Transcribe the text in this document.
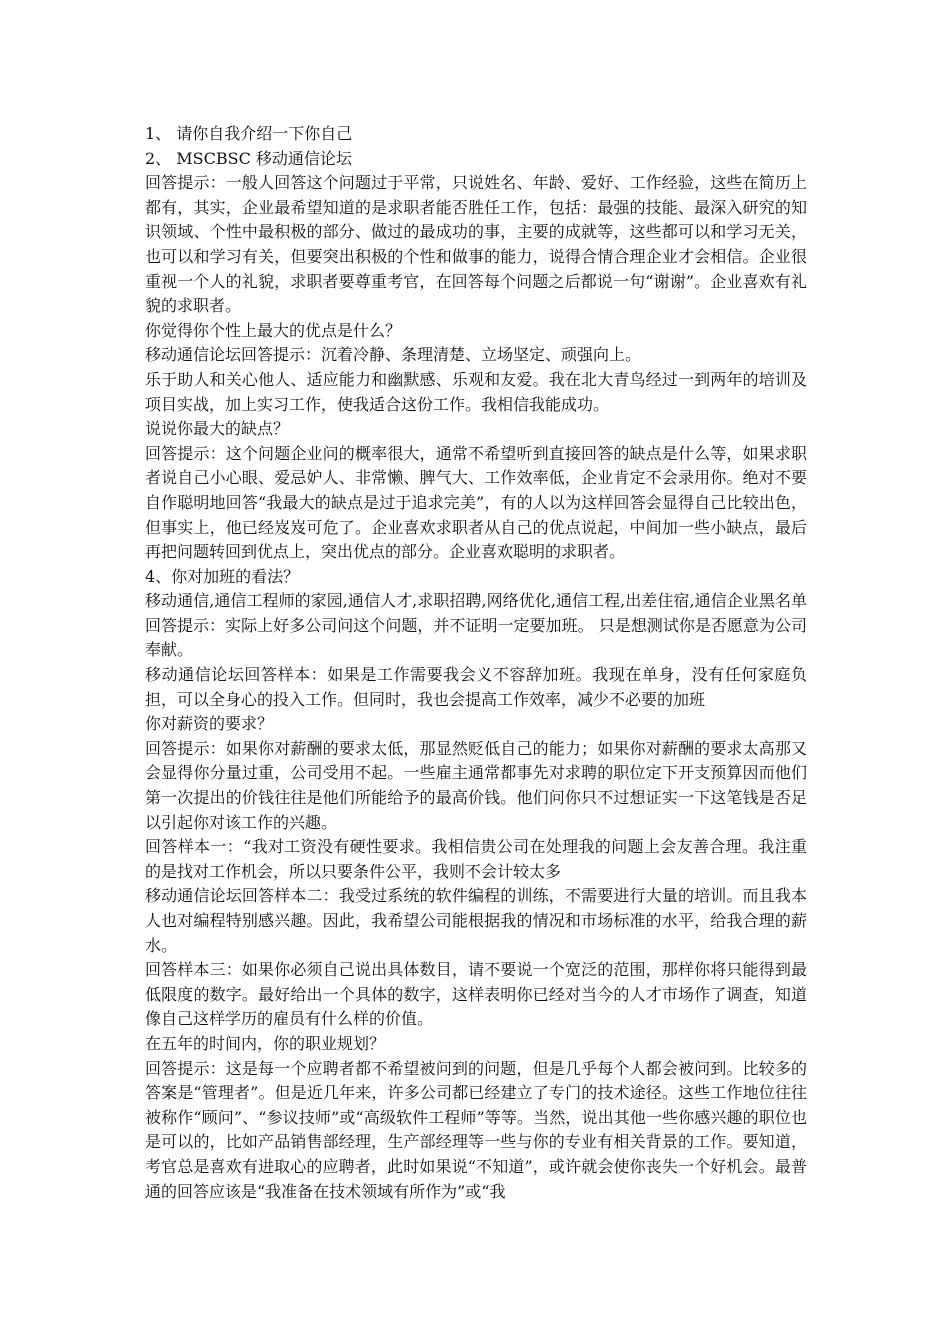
1、 请你自我介绍一下你自己

2、 MSCBSC 移动通信论坛

回答提示：一般人回答这个问题过于平常，只说姓名、年龄、爱好、工作经验，这些在简历上都有，其实，企业最希望知道的是求职者能否胜任工作，包括：最强的技能、最深入研究的知识领域、个性中最积极的部分、做过的最成功的事，主要的成就等，这些都可以和学习无关，也可以和学习有关，但要突出积极的个性和做事的能力，说得合情合理企业才会相信。企业很重视一个人的礼貌，求职者要尊重考官，在回答每个问题之后都说一句“谢谢”。企业喜欢有礼貌的求职者。

你觉得你个性上最大的优点是什么？

移动通信论坛回答提示：沉着冷静、条理清楚、立场坚定、顽强向上。

乐于助人和关心他人、适应能力和幽默感、乐观和友爱。我在北大青鸟经过一到两年的培训及项目实战，加上实习工作，使我适合这份工作。我相信我能成功。

说说你最大的缺点？

回答提示：这个问题企业问的概率很大，通常不希望听到直接回答的缺点是什么等，如果求职者说自己小心眼、爱忌妒人、非常懒、脾气大、工作效率低，企业肯定不会录用你。绝对不要自作聪明地回答“我最大的缺点是过于追求完美”，有的人以为这样回答会显得自己比较出色，但事实上，他已经岌岌可危了。企业喜欢求职者从自己的优点说起，中间加一些小缺点，最后再把问题转回到优点上，突出优点的部分。企业喜欢聪明的求职者。

4、你对加班的看法？

移动通信,通信工程师的家园,通信人才,求职招聘,网络优化,通信工程,出差住宿,通信企业黑名单回答提示：实际上好多公司问这个问题，并不证明一定要加班。 只是想测试你是否愿意为公司奉献。

移动通信论坛回答样本：如果是工作需要我会义不容辞加班。我现在单身，没有任何家庭负担，可以全身心的投入工作。但同时，我也会提高工作效率，减少不必要的加班

你对薪资的要求？

回答提示：如果你对薪酬的要求太低，那显然贬低自己的能力；如果你对薪酬的要求太高那又会显得你分量过重，公司受用不起。一些雇主通常都事先对求聘的职位定下开支预算因而他们第一次提出的价钱往往是他们所能给予的最高价钱。他们问你只不过想证实一下这笔钱是否足以引起你对该工作的兴趣。

回答样本一：“我对工资没有硬性要求。我相信贵公司在处理我的问题上会友善合理。我注重的是找对工作机会，所以只要条件公平，我则不会计较太多

移动通信论坛回答样本二：我受过系统的软件编程的训练，不需要进行大量的培训。而且我本人也对编程特别感兴趣。因此，我希望公司能根据我的情况和市场标准的水平，给我合理的薪水。

回答样本三：如果你必须自己说出具体数目，请不要说一个宽泛的范围，那样你将只能得到最低限度的数字。最好给出一个具体的数字，这样表明你已经对当今的人才市场作了调查，知道像自己这样学历的雇员有什么样的价值。

在五年的时间内，你的职业规划？

回答提示：这是每一个应聘者都不希望被问到的问题，但是几乎每个人都会被问到。比较多的答案是“管理者”。但是近几年来，许多公司都已经建立了专门的技术途径。这些工作地位往往被称作“顾问”、“参议技师”或“高级软件工程师”等等。当然，说出其他一些你感兴趣的职位也是可以的，比如产品销售部经理，生产部经理等一些与你的专业有相关背景的工作。要知道，考官总是喜欢有进取心的应聘者，此时如果说“不知道”，或许就会使你丧失一个好机会。最普通的回答应该是“我准备在技术领域有所作为”或“我
